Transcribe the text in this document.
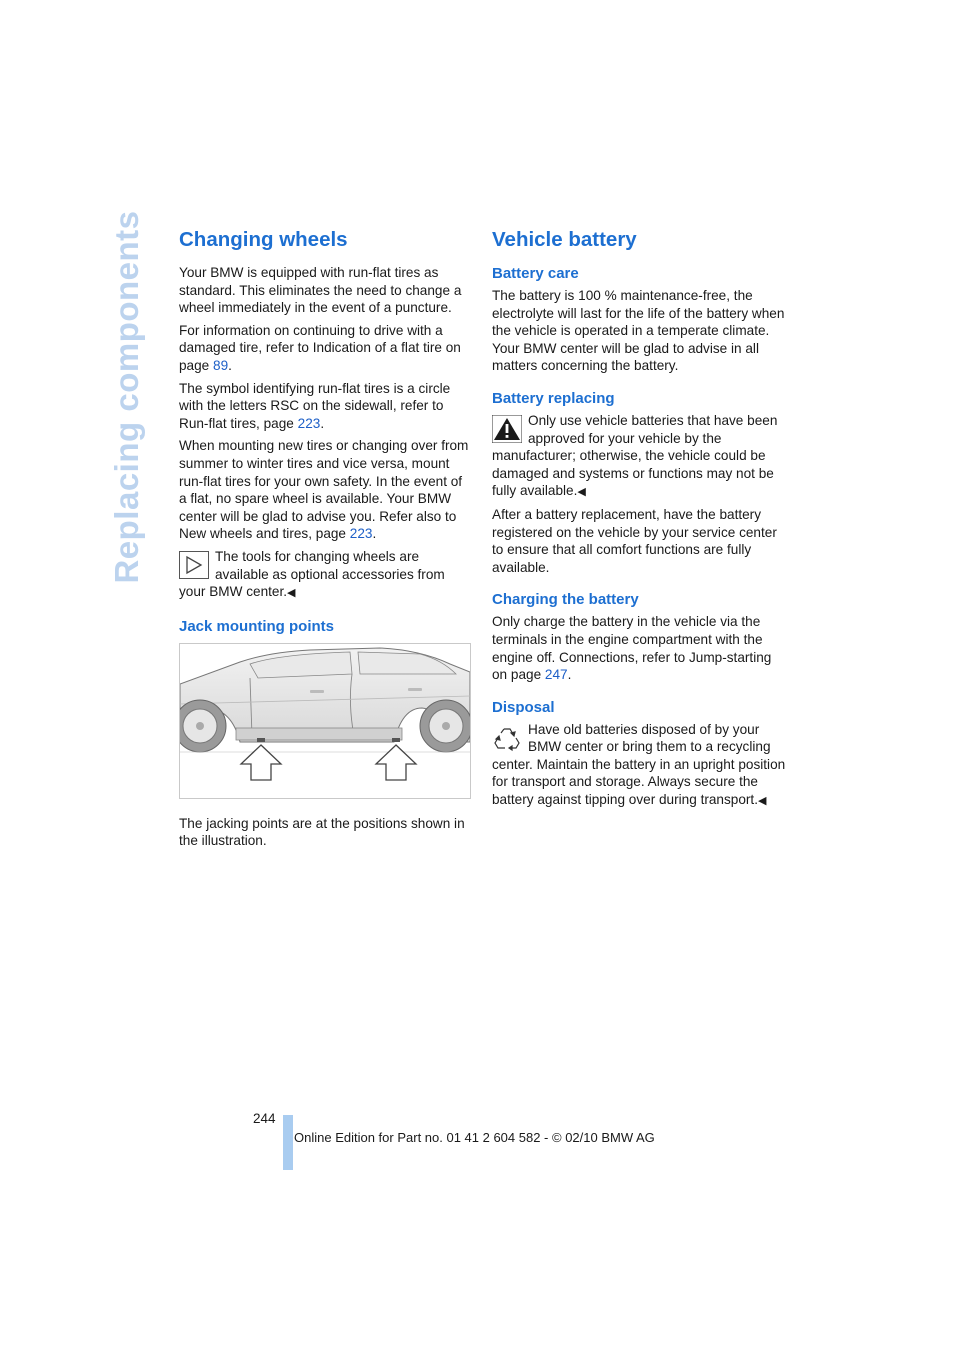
Replacing components Changing wheels

Your BMW is equipped with run-flat tires as standard. This eliminates the need to change a wheel immediately in the event of a puncture.

For information on continuing to drive with a damaged tire, refer to Indication of a flat tire on page 89.

The symbol identifying run-flat tires is a circle with the letters RSC on the sidewall, refer to Run-flat tires, page 223.

When mounting new tires or changing over from summer to winter tires and vice versa, mount run-flat tires for your own safety. In the event of a flat, no spare wheel is available. Your BMW center will be glad to advise you. Refer also to New wheels and tires, page 223.

The tools for changing wheels are available as optional accessories from your BMW center.◀
Jack mounting points

The jacking points are at the positions shown in the illustration.

Vehicle battery
Battery care

The battery is 100 % maintenance-free, the electrolyte will last for the life of the battery when the vehicle is operated in a temperate climate. Your BMW center will be glad to advise in all matters concerning the battery.

Battery replacing
Only use vehicle batteries that have been approved for your vehicle by the manufacturer; otherwise, the vehicle could be damaged and systems or functions may not be fully available.◀

After a battery replacement, have the battery registered on the vehicle by your service center to ensure that all comfort functions are fully available.

Charging the battery

Only charge the battery in the vehicle via the terminals in the engine compartment with the engine off. Connections, refer to Jump-starting on page 247.

Disposal
Have old batteries disposed of by your BMW center or bring them to a recycling center. Maintain the battery in an upright position for transport and storage. Always secure the battery against tipping over during transport.◀
244
Online Edition for Part no. 01 41 2 604 582 - © 02/10 BMW AG
